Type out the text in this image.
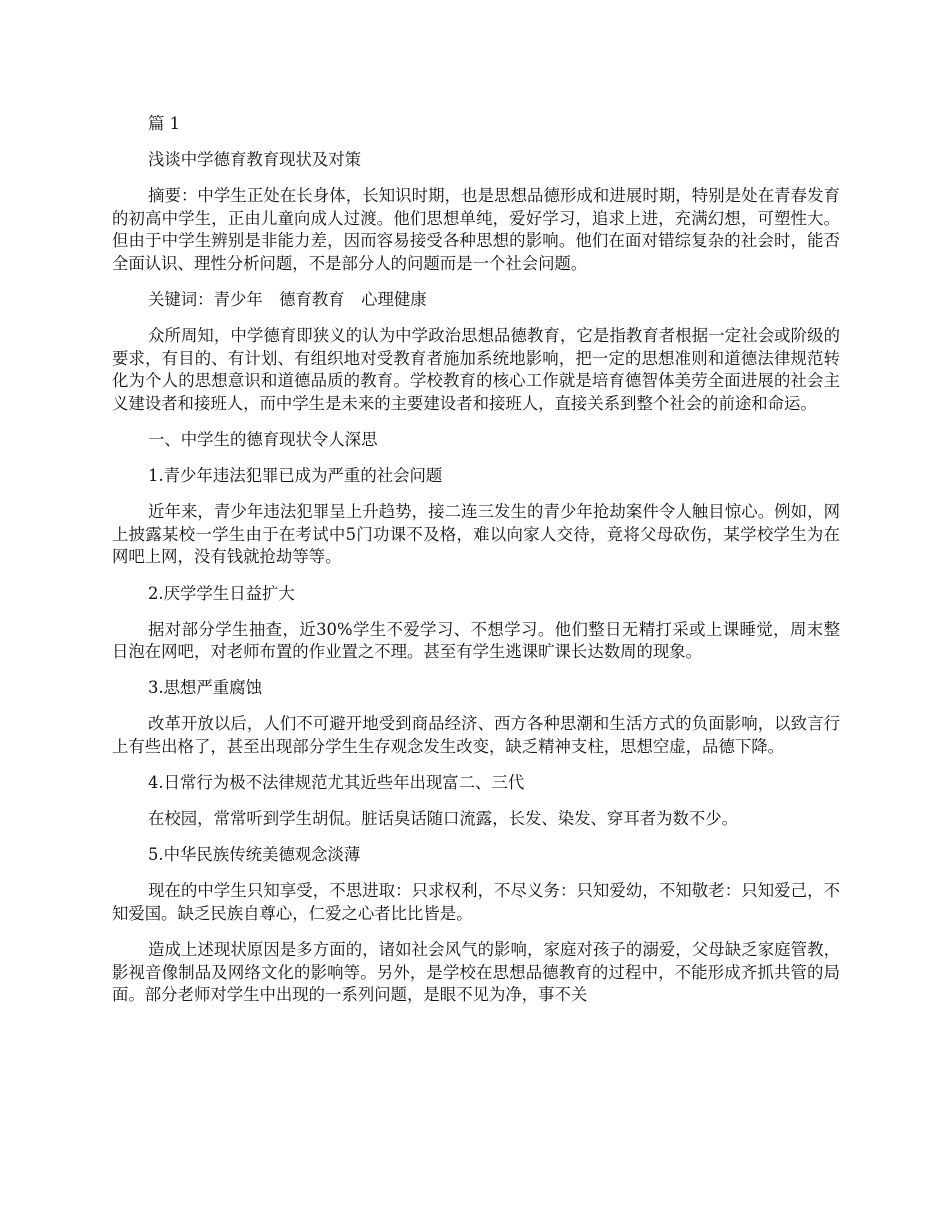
篇 1

浅谈中学德育教育现状及对策

摘要：中学生正处在长身体，长知识时期，也是思想品德形成和进展时期，特别是处在青春发育的初高中学生，正由儿童向成人过渡。他们思想单纯，爱好学习，追求上进，充满幻想，可塑性大。但由于中学生辨别是非能力差，因而容易接受各种思想的影响。他们在面对错综复杂的社会时，能否全面认识、理性分析问题，不是部分人的问题而是一个社会问题。

关键词：青少年　德育教育　心理健康

众所周知，中学德育即狭义的认为中学政治思想品德教育，它是指教育者根据一定社会或阶级的要求，有目的、有计划、有组织地对受教育者施加系统地影响，把一定的思想准则和道德法律规范转化为个人的思想意识和道德品质的教育。学校教育的核心工作就是培育德智体美劳全面进展的社会主义建设者和接班人，而中学生是未来的主要建设者和接班人，直接关系到整个社会的前途和命运。

一、中学生的德育现状令人深思

1.青少年违法犯罪已成为严重的社会问题

近年来，青少年违法犯罪呈上升趋势，接二连三发生的青少年抢劫案件令人触目惊心。例如，网上披露某校一学生由于在考试中5门功课不及格，难以向家人交待，竟将父母砍伤，某学校学生为在网吧上网，没有钱就抢劫等等。

2.厌学学生日益扩大

据对部分学生抽查，近30%学生不爱学习、不想学习。他们整日无精打采或上课睡觉，周末整日泡在网吧，对老师布置的作业置之不理。甚至有学生逃课旷课长达数周的现象。

3.思想严重腐蚀

改革开放以后，人们不可避开地受到商品经济、西方各种思潮和生活方式的负面影响，以致言行上有些出格了，甚至出现部分学生生存观念发生改变，缺乏精神支柱，思想空虚，品德下降。

4.日常行为极不法律规范尤其近些年出现富二、三代

在校园，常常听到学生胡侃。脏话臭话随口流露，长发、染发、穿耳者为数不少。

5.中华民族传统美德观念淡薄

现在的中学生只知享受，不思进取：只求权利，不尽义务：只知爱幼，不知敬老：只知爱己，不知爱国。缺乏民族自尊心，仁爱之心者比比皆是。

造成上述现状原因是多方面的，诸如社会风气的影响，家庭对孩子的溺爱，父母缺乏家庭管教，影视音像制品及网络文化的影响等。另外，是学校在思想品德教育的过程中，不能形成齐抓共管的局面。部分老师对学生中出现的一系列问题，是眼不见为净，事不关
